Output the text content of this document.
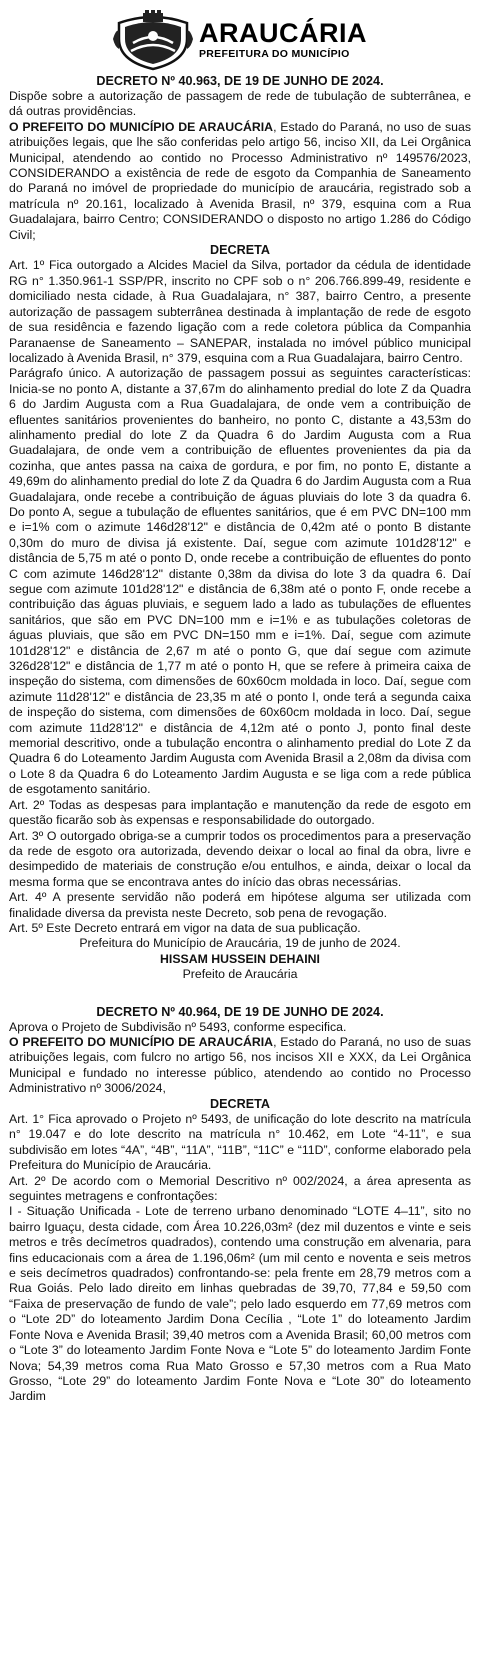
ARAUCÁRIA
PREFEITURA DO MUNICÍPIO

DECRETO Nº 40.963, DE 19 DE JUNHO DE 2024.

Dispõe sobre a autorização de passagem de rede de tubulação de subterrânea, e dá outras providências.

O PREFEITO DO MUNICÍPIO DE ARAUCÁRIA, Estado do Paraná, no uso de suas atribuições legais, que lhe são conferidas pelo artigo 56, inciso XII, da Lei Orgânica Municipal, atendendo ao contido no Processo Administrativo nº 149576/2023, CONSIDERANDO a existência de rede de esgoto da Companhia de Saneamento do Paraná no imóvel de propriedade do município de araucária, registrado sob a matrícula nº 20.161, localizado à Avenida Brasil, nº 379, esquina com a Rua Guadalajara, bairro Centro; CONSIDERANDO o disposto no artigo 1.286 do Código Civil;

DECRETA

Art. 1º Fica outorgado a Alcides Maciel da Silva, portador da cédula de identidade RG n° 1.350.961-1 SSP/PR, inscrito no CPF sob o n° 206.766.899-49, residente e domiciliado nesta cidade, à Rua Guadalajara, n° 387, bairro Centro, a presente autorização de passagem subterrânea destinada à implantação de rede de esgoto de sua residência e fazendo ligação com a rede coletora pública da Companhia Paranaense de Saneamento – SANEPAR, instalada no imóvel público municipal localizado à Avenida Brasil, n° 379, esquina com a Rua Guadalajara, bairro Centro.

Parágrafo único. A autorização de passagem possui as seguintes características: Inicia-se no ponto A, distante a 37,67m do alinhamento predial do lote Z da Quadra 6 do Jardim Augusta com a Rua Guadalajara, de onde vem a contribuição de efluentes sanitários provenientes do banheiro, no ponto C, distante a 43,53m do alinhamento predial do lote Z da Quadra 6 do Jardim Augusta com a Rua Guadalajara, de onde vem a contribuição de efluentes provenientes da pia da cozinha, que antes passa na caixa de gordura, e por fim, no ponto E, distante a 49,69m do alinhamento predial do lote Z da Quadra 6 do Jardim Augusta com a Rua Guadalajara, onde recebe a contribuição de águas pluviais do lote 3 da quadra 6. Do ponto A, segue a tubulação de efluentes sanitários, que é em PVC DN=100 mm e i=1% com o azimute 146d28'12" e distância de 0,42m até o ponto B distante 0,30m do muro de divisa já existente. Daí, segue com azimute 101d28'12" e distância de 5,75 m até o ponto D, onde recebe a contribuição de efluentes do ponto C com azimute 146d28'12" distante 0,38m da divisa do lote 3 da quadra 6. Daí segue com azimute 101d28'12" e distância de 6,38m até o ponto F, onde recebe a contribuição das águas pluviais, e seguem lado a lado as tubulações de efluentes sanitários, que são em PVC DN=100 mm e i=1% e as tubulações coletoras de águas pluviais, que são em PVC DN=150 mm e i=1%. Daí, segue com azimute 101d28'12" e distância de 2,67 m até o ponto G, que daí segue com azimute 326d28'12" e distância de 1,77 m até o ponto H, que se refere à primeira caixa de inspeção do sistema, com dimensões de 60x60cm moldada in loco. Daí, segue com azimute 11d28'12" e distância de 23,35 m até o ponto I, onde terá a segunda caixa de inspeção do sistema, com dimensões de 60x60cm moldada in loco. Daí, segue com azimute 11d28'12" e distância de 4,12m até o ponto J, ponto final deste memorial descritivo, onde a tubulação encontra o alinhamento predial do Lote Z da Quadra 6 do Loteamento Jardim Augusta com Avenida Brasil a 2,08m da divisa com o Lote 8 da Quadra 6 do Loteamento Jardim Augusta e se liga com a rede pública de esgotamento sanitário.

Art. 2º Todas as despesas para implantação e manutenção da rede de esgoto em questão ficarão sob às expensas e responsabilidade do outorgado.

Art. 3º O outorgado obriga-se a cumprir todos os procedimentos para a preservação da rede de esgoto ora autorizada, devendo deixar o local ao final da obra, livre e desimpedido de materiais de construção e/ou entulhos, e ainda, deixar o local da mesma forma que se encontrava antes do início das obras necessárias.

Art. 4º A presente servidão não poderá em hipótese alguma ser utilizada com finalidade diversa da prevista neste Decreto, sob pena de revogação.

Art. 5º Este Decreto entrará em vigor na data de sua publicação.

Prefeitura do Município de Araucária, 19 de junho de 2024.

HISSAM HUSSEIN DEHAINI

Prefeito de Araucária

DECRETO Nº 40.964, DE 19 DE JUNHO DE 2024.

Aprova o Projeto de Subdivisão nº 5493, conforme especifica.

O PREFEITO DO MUNICÍPIO DE ARAUCÁRIA, Estado do Paraná, no uso de suas atribuições legais, com fulcro no artigo 56, nos incisos XII e XXX, da Lei Orgânica Municipal e fundado no interesse público, atendendo ao contido no Processo Administrativo nº 3006/2024,

DECRETA

Art. 1° Fica aprovado o Projeto nº 5493, de unificação do lote descrito na matrícula n° 19.047 e do lote descrito na matrícula n° 10.462, em Lote “4-11”, e sua subdivisão em lotes “4A”, “4B”, “11A”, “11B”, “11C” e “11D”, conforme elaborado pela Prefeitura do Município de Araucária.

Art. 2º De acordo com o Memorial Descritivo nº 002/2024, a área apresenta as seguintes metragens e confrontações:

I - Situação Unificada - Lote de terreno urbano denominado “LOTE 4–11”, sito no bairro Iguaçu, desta cidade, com Área 10.226,03m² (dez mil duzentos e vinte e seis metros e três decímetros quadrados), contendo uma construção em alvenaria, para fins educacionais com a área de 1.196,06m² (um mil cento e noventa e seis metros e seis decímetros quadrados) confrontando-se: pela frente em 28,79 metros com a Rua Goiás. Pelo lado direito em linhas quebradas de 39,70, 77,84 e 59,50 com “Faixa de preservação de fundo de vale”; pelo lado esquerdo em 77,69 metros com o “Lote 2D” do loteamento Jardim Dona Cecília , “Lote 1” do loteamento Jardim Fonte Nova e Avenida Brasil; 39,40 metros com a Avenida Brasil; 60,00 metros com o “Lote 3” do loteamento Jardim Fonte Nova e “Lote 5” do loteamento Jardim Fonte Nova; 54,39 metros coma Rua Mato Grosso e 57,30 metros com a Rua Mato Grosso, “Lote 29” do loteamento Jardim Fonte Nova e “Lote 30” do loteamento Jardim
